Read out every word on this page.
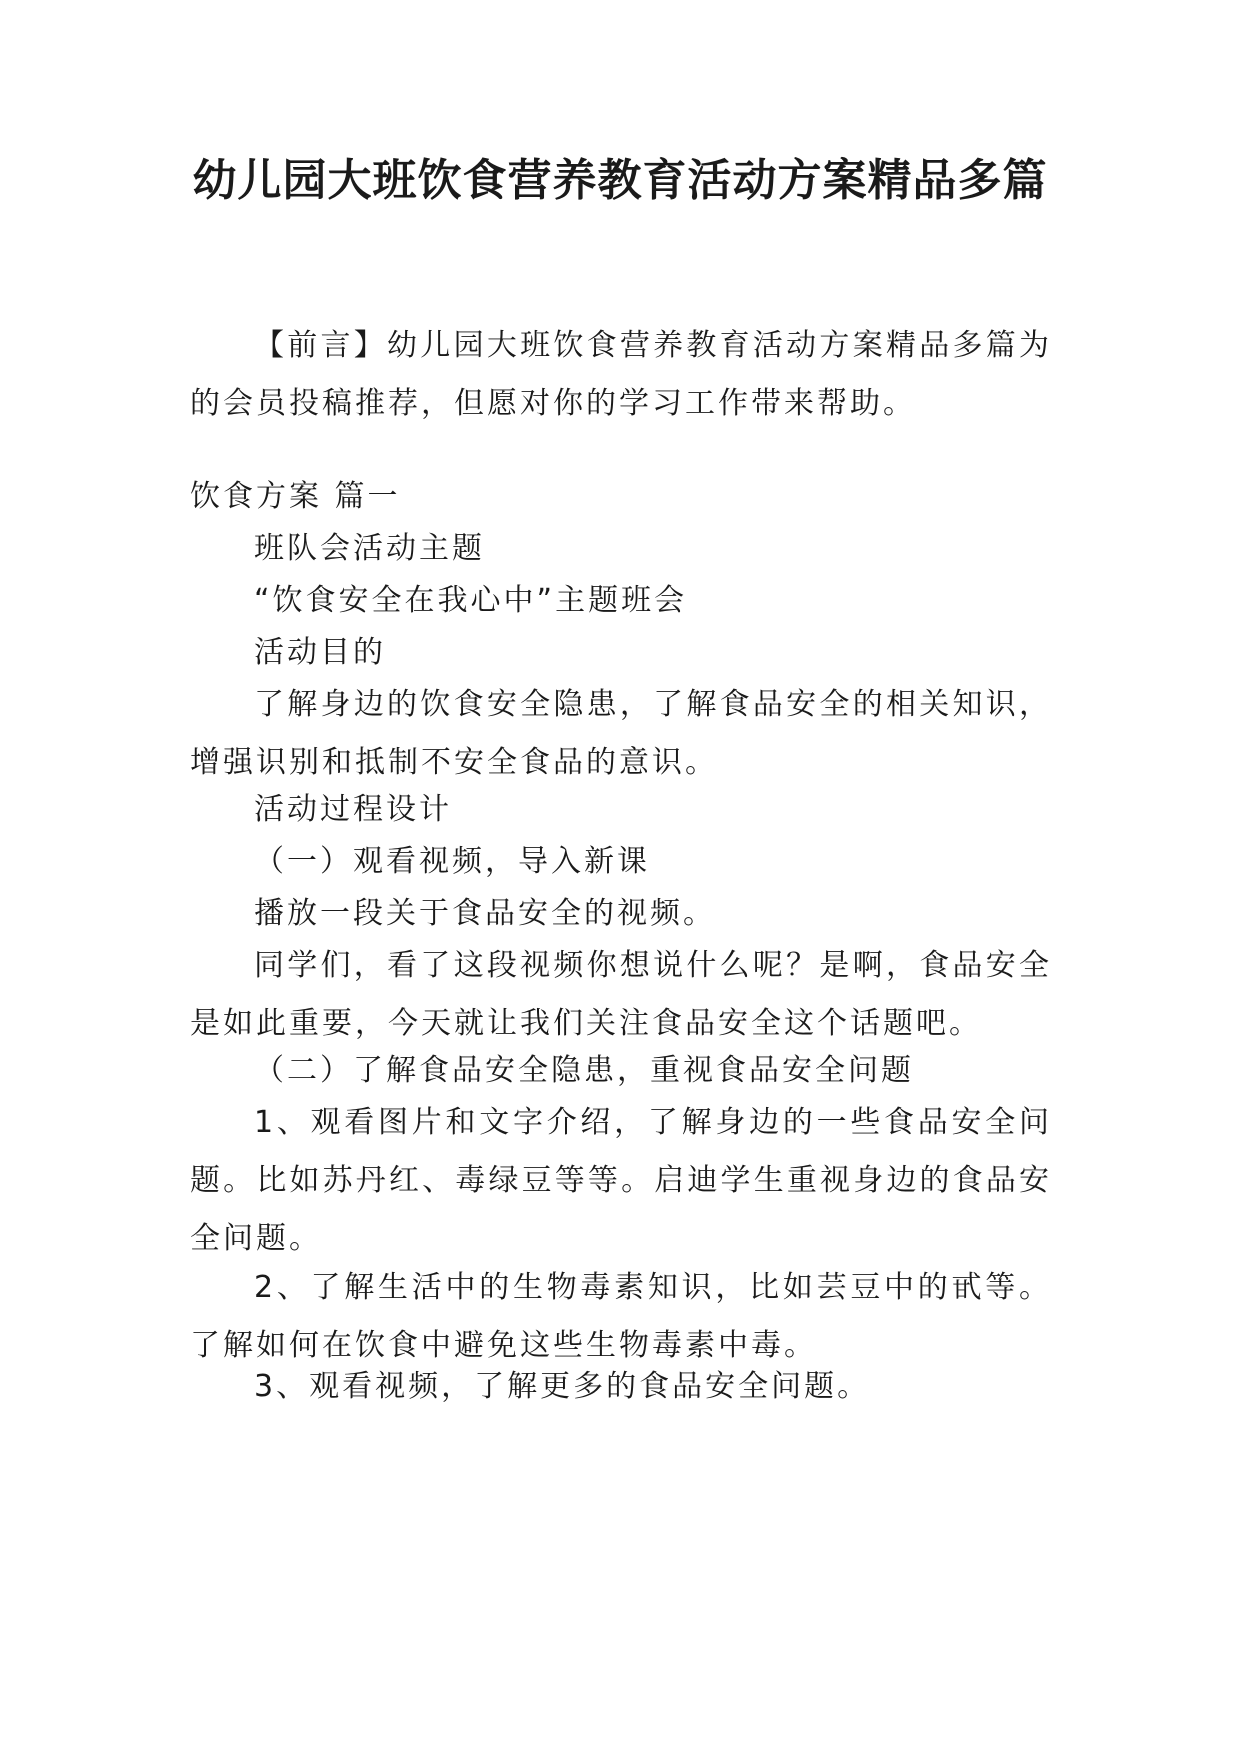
幼儿园大班饮食营养教育活动方案精品多篇
【前言】幼儿园大班饮食营养教育活动方案精品多篇为的会员投稿推荐，但愿对你的学习工作带来帮助。
饮食方案 篇一
班队会活动主题
“饮食安全在我心中”主题班会
活动目的
了解身边的饮食安全隐患，了解食品安全的相关知识，增强识别和抵制不安全食品的意识。
活动过程设计
（一）观看视频，导入新课
播放一段关于食品安全的视频。
同学们，看了这段视频你想说什么呢？是啊，食品安全是如此重要，今天就让我们关注食品安全这个话题吧。
（二）了解食品安全隐患，重视食品安全问题
1、观看图片和文字介绍，了解身边的一些食品安全问题。比如苏丹红、毒绿豆等等。启迪学生重视身边的食品安全问题。
2、了解生活中的生物毒素知识，比如芸豆中的甙等。了解如何在饮食中避免这些生物毒素中毒。
3、观看视频，了解更多的食品安全问题。
